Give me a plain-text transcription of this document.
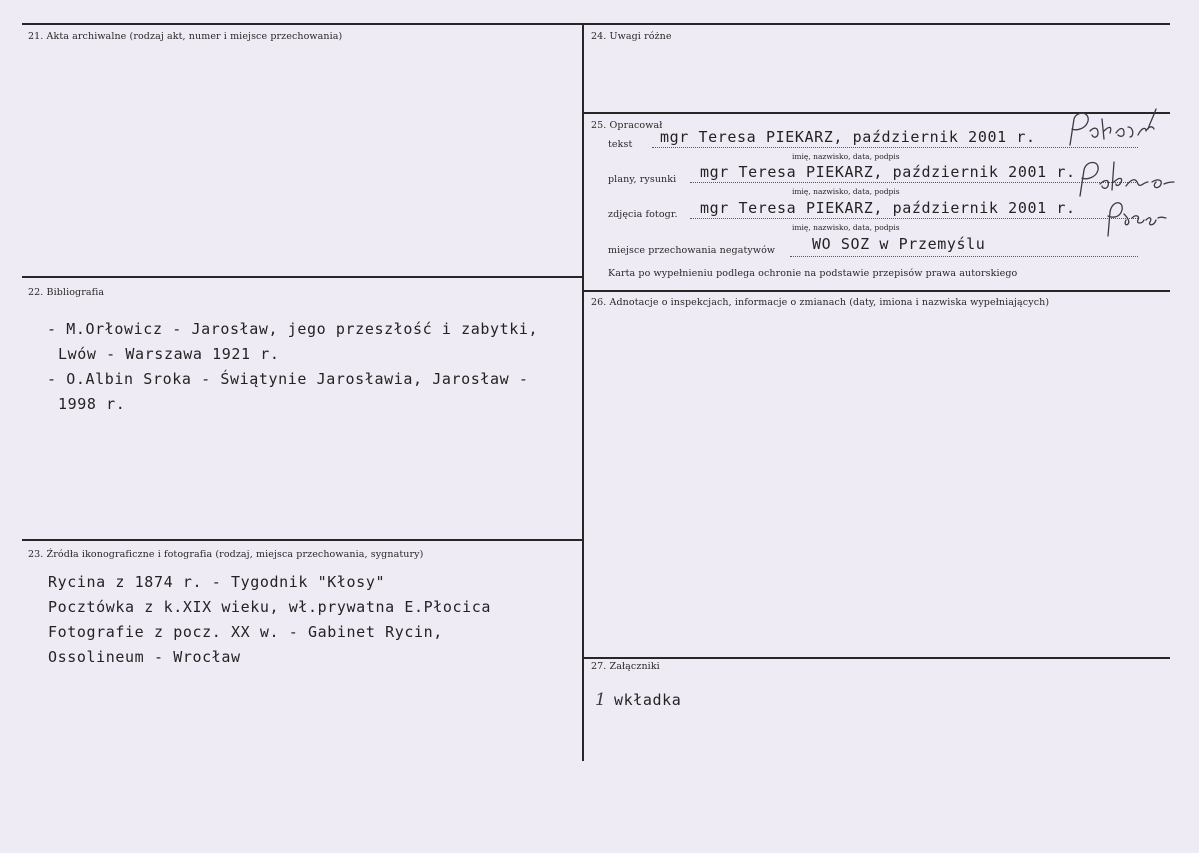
21. Akta archiwalne (rodzaj akt, numer i miejsce przechowania)
22. Bibliografia
- M.Orłowicz - Jarosław, jego przeszłość i zabytki,
Lwów - Warszawa 1921 r.
- O.Albin Sroka - Świątynie Jarosławia, Jarosław -
1998 r.
23. Źródła ikonograficzne i fotografia (rodzaj, miejsca przechowania, sygnatury)
Rycina z 1874 r. - Tygodnik "Kłosy"
Pocztówka z k.XIX wieku, wł.prywatna E.Płocica
Fotografie z pocz. XX w. - Gabinet Rycin,
Ossolineum - Wrocław
24. Uwagi różne
25. Opracował
tekst mgr Teresa PIEKARZ, październik 2001 r.
imię, nazwisko, data, podpis
plany, rysunki mgr Teresa PIEKARZ, październik 2001 r.
imię, nazwisko, data, podpis
zdjęcia fotogr. mgr Teresa PIEKARZ, październik 2001 r.
imię, nazwisko, data, podpis
miejsce przechowania negatywów WO SOZ w Przemyślu
Karta po wypełnieniu podlega ochronie na podstawie przepisów prawa autorskiego
26. Adnotacje o inspekcjach, informacje o zmianach (daty, imiona i nazwiska wypełniających)
27. Załączniki
1 wkładka
